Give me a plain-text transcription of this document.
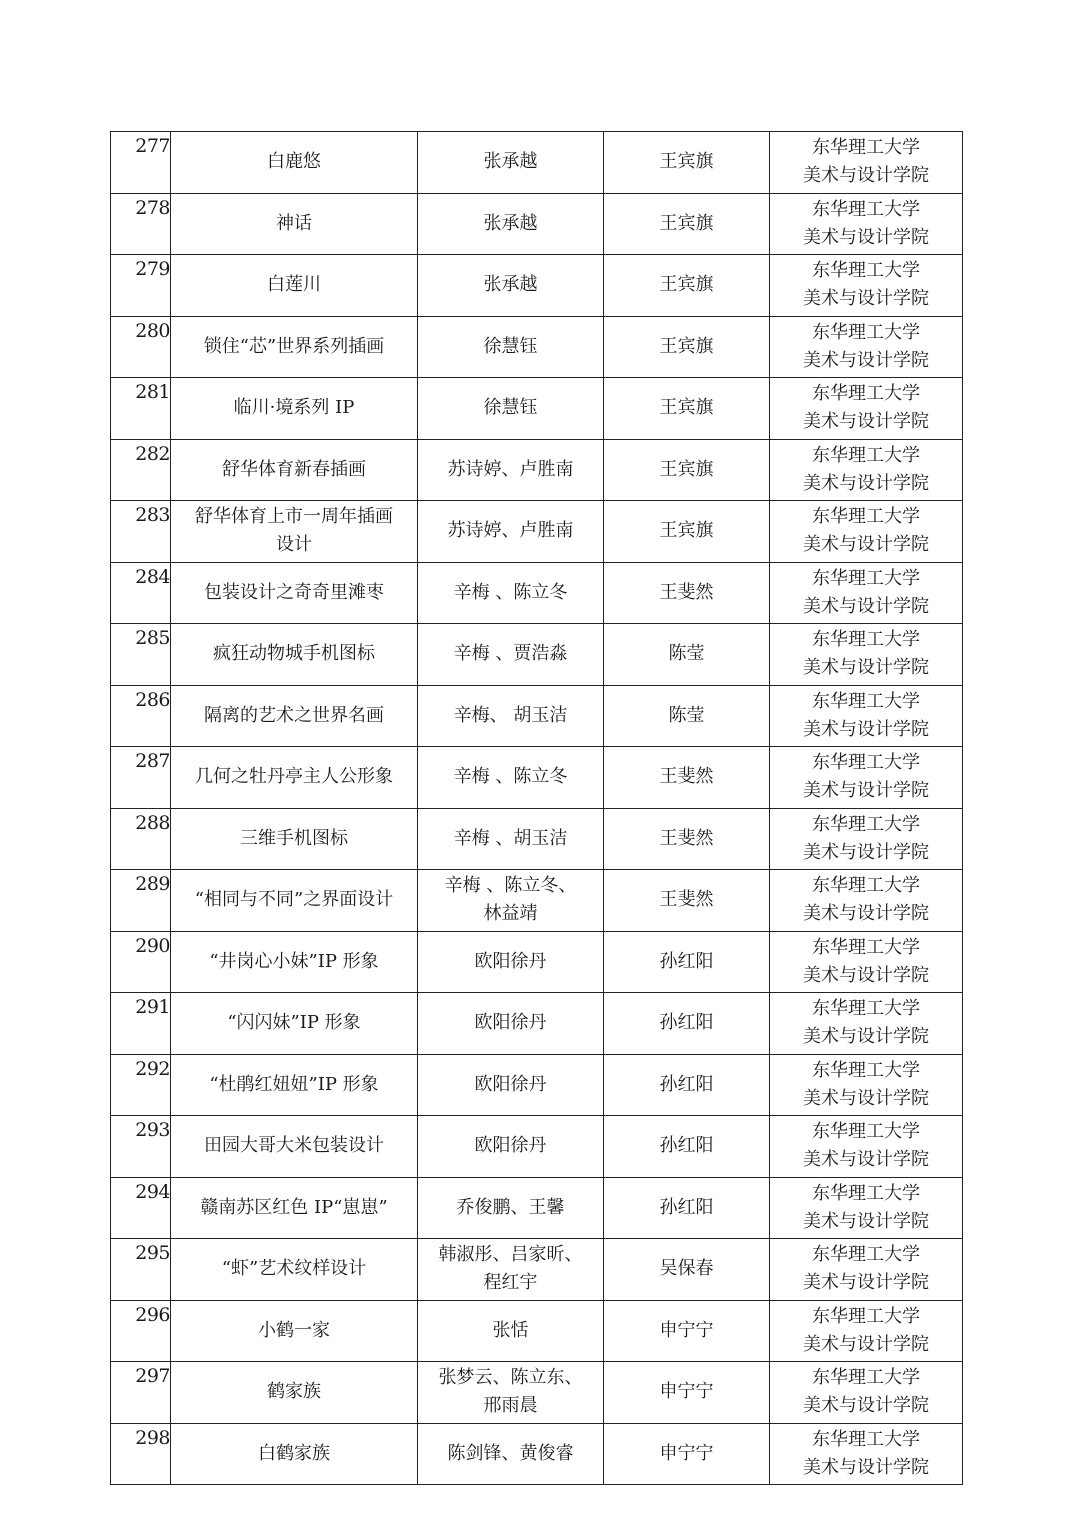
277	白鹿悠	张承越	王宾旗	东华理工大学
美术与设计学院

278	神话	张承越	王宾旗	东华理工大学
美术与设计学院

279	白莲川	张承越	王宾旗	东华理工大学
美术与设计学院

280	锁住“芯”世界系列插画	徐慧钰	王宾旗	东华理工大学
美术与设计学院

281	临川·境系列 IP	徐慧钰	王宾旗	东华理工大学
美术与设计学院

282	舒华体育新春插画	苏诗婷、卢胜南	王宾旗	东华理工大学
美术与设计学院

283	舒华体育上市一周年插画
设计	苏诗婷、卢胜南	王宾旗	东华理工大学
美术与设计学院

284	包装设计之奇奇里滩枣	辛梅 、陈立冬	王斐然	东华理工大学
美术与设计学院

285	疯狂动物城手机图标	辛梅 、贾浩淼	陈莹	东华理工大学
美术与设计学院

286	隔离的艺术之世界名画	辛梅、 胡玉洁	陈莹	东华理工大学
美术与设计学院

287	几何之牡丹亭主人公形象	辛梅 、陈立冬	王斐然	东华理工大学
美术与设计学院

288	三维手机图标	辛梅 、胡玉洁	王斐然	东华理工大学
美术与设计学院

289	“相同与不同”之界面设计	辛梅 、陈立冬、
林益靖	王斐然	东华理工大学
美术与设计学院

290	“井岗心小妹”IP 形象	欧阳徐丹	孙红阳	东华理工大学
美术与设计学院

291	“闪闪妹”IP 形象	欧阳徐丹	孙红阳	东华理工大学
美术与设计学院

292	“杜鹃红妞妞”IP 形象	欧阳徐丹	孙红阳	东华理工大学
美术与设计学院

293	田园大哥大米包装设计	欧阳徐丹	孙红阳	东华理工大学
美术与设计学院

294	赣南苏区红色 IP“崽崽”	乔俊鹏、王馨	孙红阳	东华理工大学
美术与设计学院

295	“虾”艺术纹样设计	韩淑彤、吕家昕、
程红宇	吴保春	东华理工大学
美术与设计学院

296	小鹤一家	张恬	申宁宁	东华理工大学
美术与设计学院

297	鹤家族	张梦云、陈立东、
邢雨晨	申宁宁	东华理工大学
美术与设计学院

298	白鹤家族	陈剑锋、黄俊睿	申宁宁	东华理工大学
美术与设计学院
